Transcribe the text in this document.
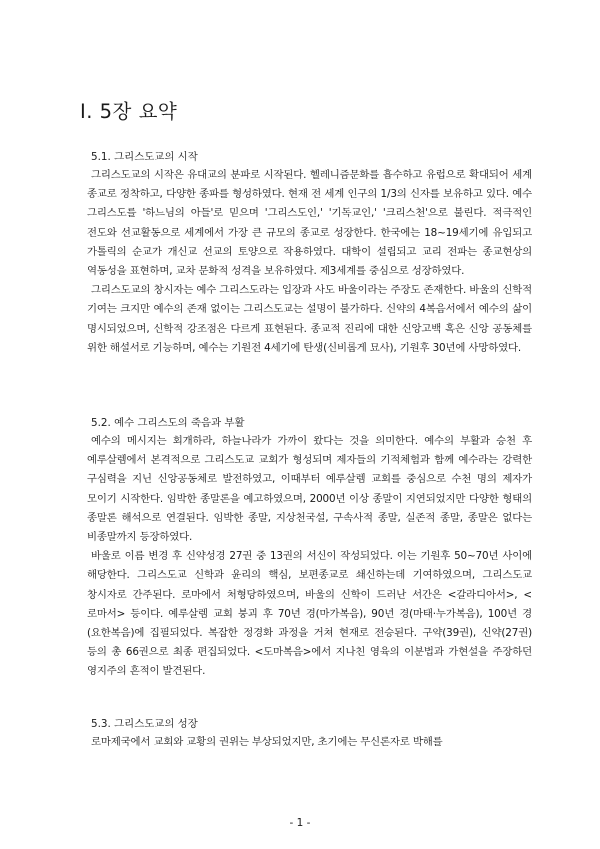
I. 5장 요약
5.1. 그리스도교의 시작

그리스도교의 시작은 유대교의 분파로 시작된다. 헬레니즘문화를 흡수하고 유럽으로 확대되어 세계 종교로 정착하고, 다양한 종파를 형성하였다. 현재 전 세계 인구의 1/3의 신자를 보유하고 있다. 예수 그리스도를 '하느님의 아들'로 믿으며 '그리스도인,' '기독교인,' '크리스천'으로 불린다. 적극적인 전도와 선교활동으로 세계에서 가장 큰 규모의 종교로 성장한다. 한국에는 18~19세기에 유입되고 가톨릭의 순교가 개신교 선교의 토양으로 작용하였다. 대학이 설립되고 교리 전파는 종교현상의 역동성을 표현하며, 교차 문화적 성격을 보유하였다. 제3세계를 중심으로 성장하였다.

그리스도교의 창시자는 예수 그리스도라는 입장과 사도 바울이라는 주장도 존재한다. 바울의 신학적 기여는 크지만 예수의 존재 없이는 그리스도교는 설명이 불가하다. 신약의 4복음서에서 예수의 삶이 명시되었으며, 신학적 강조점은 다르게 표현된다. 종교적 진리에 대한 신앙고백 혹은 신앙 공동체를 위한 해설서로 기능하며, 예수는 기원전 4세기에 탄생(신비롭게 묘사), 기원후 30년에 사망하였다.

5.2. 예수 그리스도의 죽음과 부활

예수의 메시지는 회개하라, 하늘나라가 가까이 왔다는 것을 의미한다. 예수의 부활과 승천 후 예루살렘에서 본격적으로 그리스도교 교회가 형성되며 제자들의 기적체험과 함께 예수라는 강력한 구심력을 지닌 신앙공동체로 발전하였고, 이때부터 예루살렘 교회를 중심으로 수천 명의 제자가 모이기 시작한다. 임박한 종말론을 예고하였으며, 2000년 이상 종말이 지연되었지만 다양한 형태의 종말론 해석으로 연결된다. 임박한 종말, 지상천국설, 구속사적 종말, 실존적 종말, 종말은 없다는 비종말까지 등장하였다.

바울로 이름 변경 후 신약성경 27권 중 13권의 서신이 작성되었다. 이는 기원후 50~70년 사이에 해당한다. 그리스도교 신학과 윤리의 핵심, 보편종교로 쇄신하는데 기여하였으며, 그리스도교 창시자로 간주된다. 로마에서 처형당하였으며, 바울의 신학이 드러난 서간은 <갈라디아서>, <로마서> 등이다. 예루살렘 교회 붕괴 후 70년 경(마가복음), 90년 경(마태·누가복음), 100년 경(요한복음)에 집필되었다. 복잡한 정경화 과정을 거쳐 현재로 전승된다. 구약(39권), 신약(27권) 등의 총 66권으로 최종 편집되었다. <도마복음>에서 지나친 영육의 이분법과 가현설을 주장하던 영지주의 흔적이 발견된다.

5.3. 그리스도교의 성장

로마제국에서 교회와 교황의 권위는 부상되었지만, 초기에는 무신론자로 박해를

- 1 -
